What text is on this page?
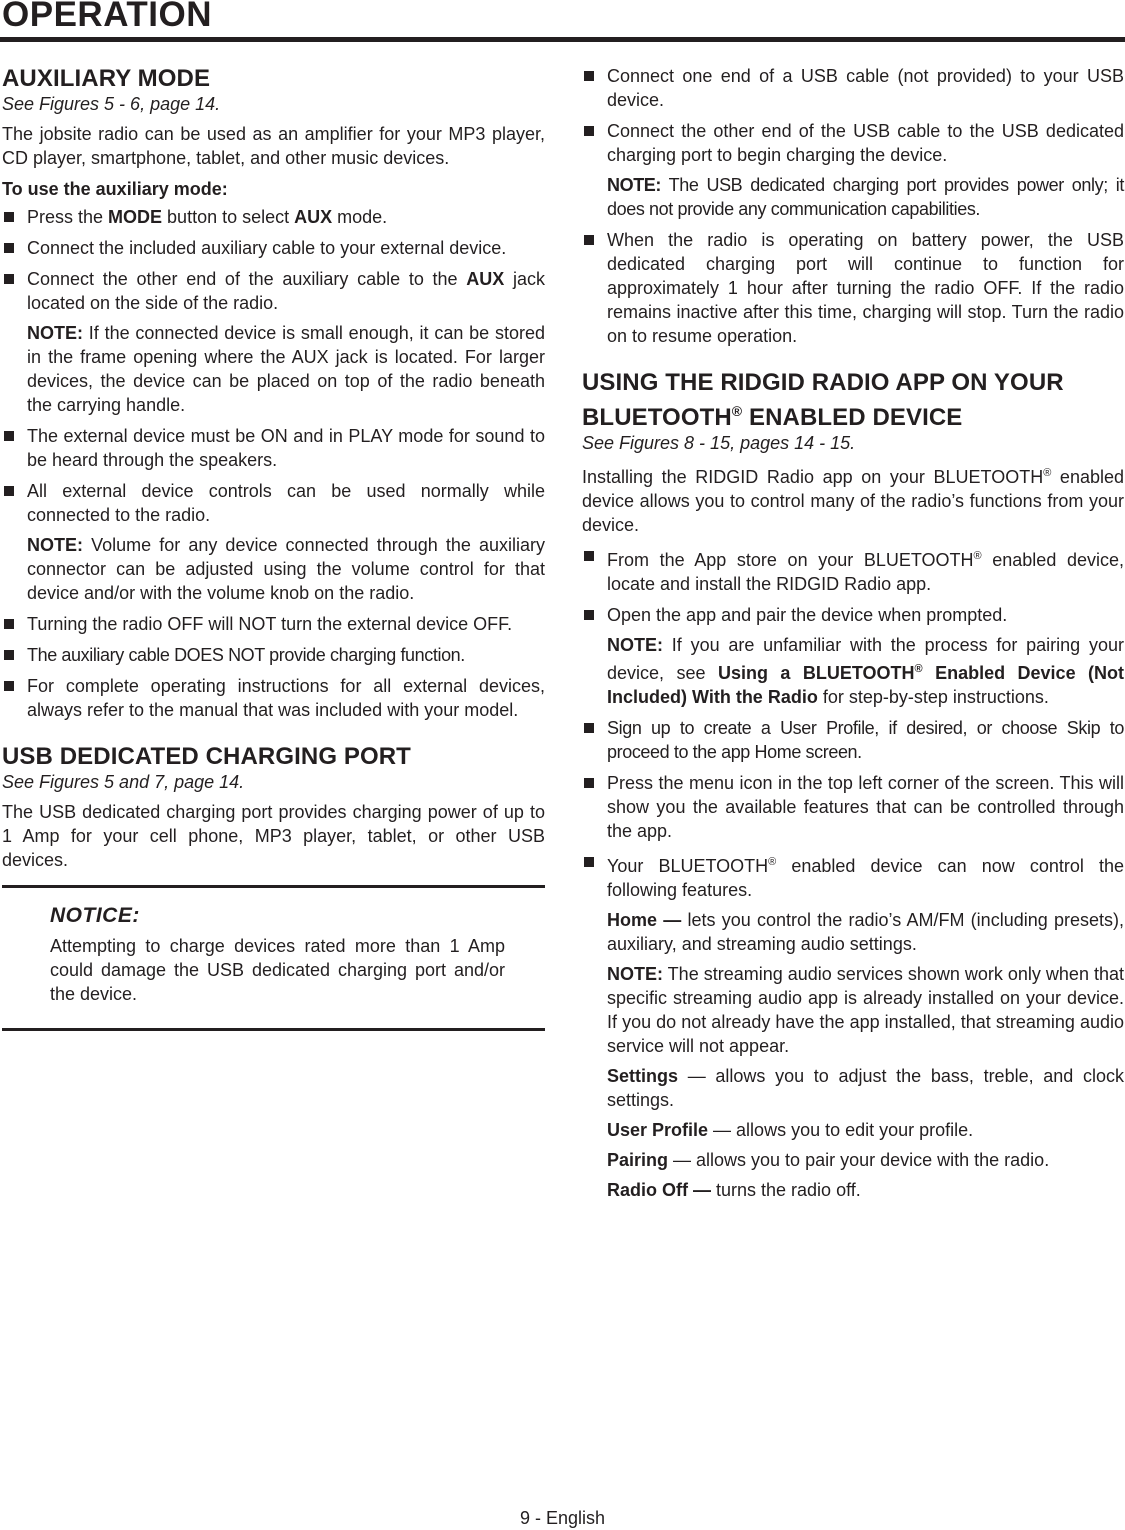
OPERATION
AUXILIARY MODE
See Figures 5 - 6, page 14.

The jobsite radio can be used as an amplifier for your MP3 player, CD player, smartphone, tablet, and other music devices.

To use the auxiliary mode:

Press the MODE button to select AUX mode.

Connect the included auxiliary cable to your external device.

Connect the other end of the auxiliary cable to the AUX jack located on the side of the radio.

NOTE: If the connected device is small enough, it can be stored in the frame opening where the AUX jack is located. For larger devices, the device can be placed on top of the radio beneath the carrying handle.

The external device must be ON and in PLAY mode for sound to be heard through the speakers.

All external device controls can be used normally while connected to the radio.

NOTE: Volume for any device connected through the auxiliary connector can be adjusted using the volume control for that device and/or with the volume knob on the radio.

Turning the radio OFF will NOT turn the external device OFF.

The auxiliary cable DOES NOT provide charging function.

For complete operating instructions for all external devices, always refer to the manual that was included with your model.

USB DEDICATED CHARGING PORT
See Figures 5 and 7, page 14.

The USB dedicated charging port provides charging power of up to 1 Amp for your cell phone, MP3 player, tablet, or other USB devices.

NOTICE:

Attempting to charge devices rated more than 1 Amp could damage the USB dedicated charging port and/or the device.

Connect one end of a USB cable (not provided) to your USB device.

Connect the other end of the USB cable to the USB dedicated charging port to begin charging the device.

NOTE: The USB dedicated charging port provides power only; it does not provide any communication capabilities.

When the radio is operating on battery power, the USB dedicated charging port will continue to function for approximately 1 hour after turning the radio OFF. If the radio remains inactive after this time, charging will stop. Turn the radio on to resume operation.

USING THE RIDGID RADIO APP ON YOUR
BLUETOOTH® ENABLED DEVICE
See Figures 8 - 15, pages 14 - 15.

Installing the RIDGID Radio app on your BLUETOOTH® enabled device allows you to control many of the radio’s functions from your device.

From the App store on your BLUETOOTH® enabled device, locate and install the RIDGID Radio app.

Open the app and pair the device when prompted.

NOTE: If you are unfamiliar with the process for pairing your device, see Using a BLUETOOTH® Enabled Device (Not Included) With the Radio for step-by-step instructions.

Sign up to create a User Profile, if desired, or choose Skip to proceed to the app Home screen.

Press the menu icon in the top left corner of the screen. This will show you the available features that can be controlled through the app.

Your BLUETOOTH® enabled device can now control the following features.

Home — lets you control the radio’s AM/FM (including presets), auxiliary, and streaming audio settings.

NOTE: The streaming audio services shown work only when that specific streaming audio app is already installed on your device. If you do not already have the app installed, that streaming audio service will not appear.

Settings — allows you to adjust the bass, treble, and clock settings.

User Profile — allows you to edit your profile.

Pairing — allows you to pair your device with the radio.

Radio Off — turns the radio off.

9 - English
